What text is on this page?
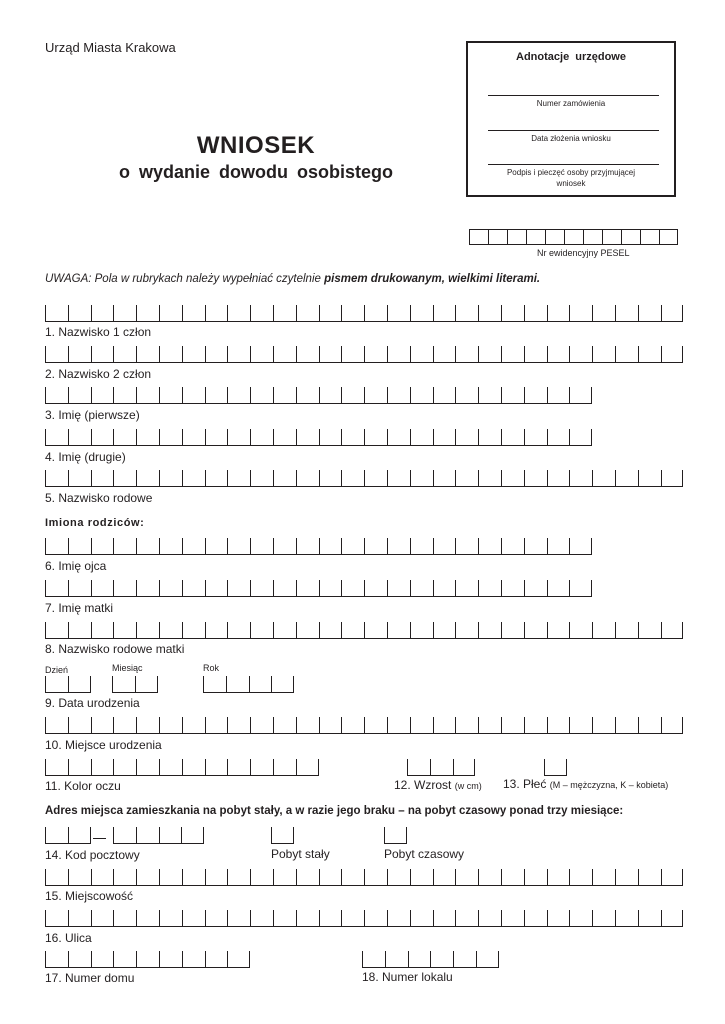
Urząd Miasta Krakowa
WNIOSEK
o wydanie dowodu osobistego
Adnotacje urzędowe
Numer zamówienia
Data złożenia wniosku
Podpis i pieczęć osoby przyjmującej
wniosek
Nr ewidencyjny PESEL
UWAGA: Pola w rubrykach należy wypełniać czytelnie pismem drukowanym, wielkimi literami.
1. Nazwisko 1 człon
2. Nazwisko 2 człon
3. Imię (pierwsze)
4. Imię (drugie)
5. Nazwisko rodowe
Imiona rodziców:
6. Imię ojca
7. Imię matki
8. Nazwisko rodowe matki
Dzień	Miesiąc	Rok
9. Data urodzenia
10. Miejsce urodzenia
11. Kolor oczu	12. Wzrost (w cm) 13. Płeć (M – mężczyzna, K – kobieta)
Adres miejsca zamieszkania na pobyt stały, a w razie jego braku – na pobyt czasowy ponad trzy miesiące:
14. Kod pocztowy	Pobyt stały	Pobyt czasowy
15. Miejscowość
16. Ulica
17. Numer domu	18. Numer lokalu
